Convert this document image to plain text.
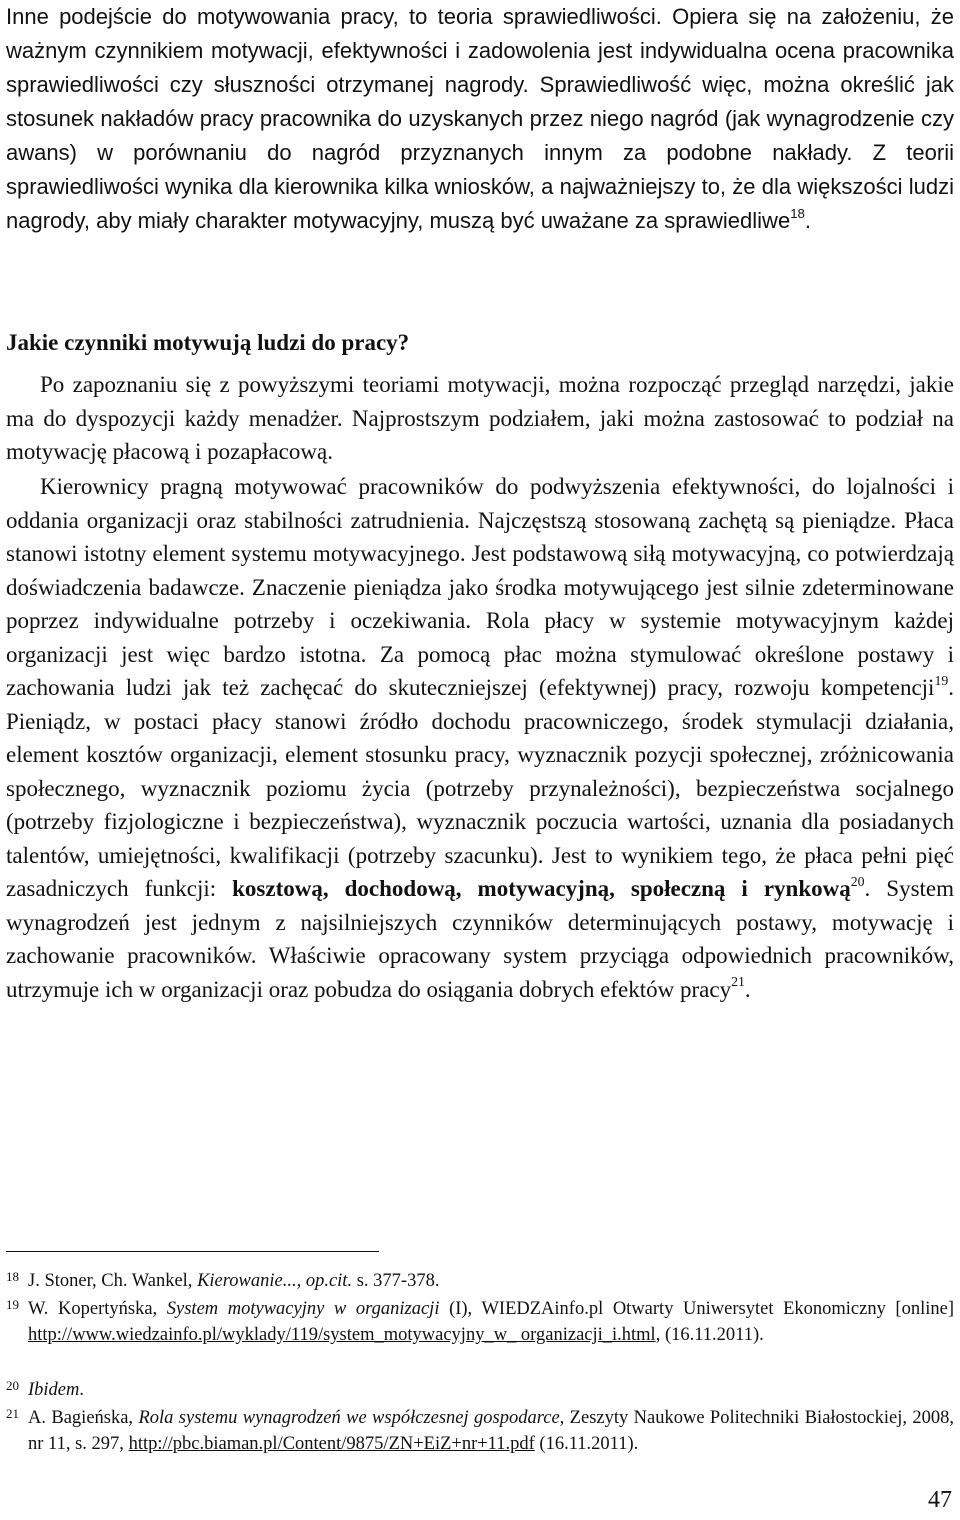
Inne podejście do motywowania pracy, to teoria sprawiedliwości. Opiera się na założeniu, że ważnym czynnikiem motywacji, efektywności i zadowolenia jest indywidualna ocena pracownika sprawiedliwości czy słuszności otrzymanej nagrody. Sprawiedliwość więc, można określić jak stosunek nakładów pracy pracownika do uzyskanych przez niego nagród (jak wynagrodzenie czy awans) w porównaniu do nagród przyznanych innym za podobne nakłady. Z teorii sprawiedliwości wynika dla kierownika kilka wniosków, a najważniejszy to, że dla większości ludzi nagrody, aby miały charakter motywacyjny, muszą być uważane za sprawiedliwe$^{18}$.

Jakie czynniki motywują ludzi do pracy?

Po zapoznaniu się z powyższymi teoriami motywacji, można rozpocząć przegląd narzędzi, jakie ma do dyspozycji każdy menadżer. Najprostszym podziałem, jaki można zastosować to podział na motywację płacową i pozapłacową.

Kierownicy pragną motywować pracowników do podwyższenia efektywności, do lojalności i oddania organizacji oraz stabilności zatrudnienia. Najczęstszą stosowaną zachętą są pieniądze. Płaca stanowi istotny element systemu motywacyjnego. Jest podstawową siłą motywacyjną, co potwierdzają doświadczenia badawcze. Znaczenie pieniądza jako środka motywującego jest silnie zdeterminowane poprzez indywidualne potrzeby i oczekiwania. Rola płacy w systemie motywacyjnym każdej organizacji jest więc bardzo istotna. Za pomocą płac można stymulować określone postawy i zachowania ludzi jak też zachęcać do skuteczniejszej (efektywnej) pracy, rozwoju kompetencji$^{19}$. Pieniądz, w postaci płacy stanowi źródło dochodu pracowniczego, środek stymulacji działania, element kosztów organizacji, element stosunku pracy, wyznacznik pozycji społecznej, zróżnicowania społecznego, wyznacznik poziomu życia (potrzeby przynależności), bezpieczeństwa socjalnego (potrzeby fizjologiczne i bezpieczeństwa), wyznacznik poczucia wartości, uznania dla posiadanych talentów, umiejętności, kwalifikacji (potrzeby szacunku). Jest to wynikiem tego, że płaca pełni pięć zasadniczych funkcji: kosztową, dochodową, motywacyjną, społeczną i rynkową$^{20}$. System wynagrodzeń jest jednym z najsilniejszych czynników determinujących postawy, motywację i zachowanie pracowników. Właściwie opracowany system przyciąga odpowiednich pracowników, utrzymuje ich w organizacji oraz pobudza do osiągania dobrych efektów pracy$^{21}$.

18 J. Stoner, Ch. Wankel, Kierowanie..., op.cit. s. 377-378.
19 W. Kopertyńska, System motywacyjny w organizacji (I), WIEDZAinfo.pl Otwarty Uniwersytet Ekonomiczny [online] http://www.wiedzainfo.pl/wyklady/119/system_motywacyjny_w_ organizacji_i.html, (16.11.2011).
20 Ibidem.
21 A. Bagieńska, Rola systemu wynagrodzeń we współczesnej gospodarce, Zeszyty Naukowe Politechniki Białostockiej, 2008, nr 11, s. 297, http://pbc.biaman.pl/Content/9875/ZN+EiZ+nr+11.pdf (16.11.2011).
47
